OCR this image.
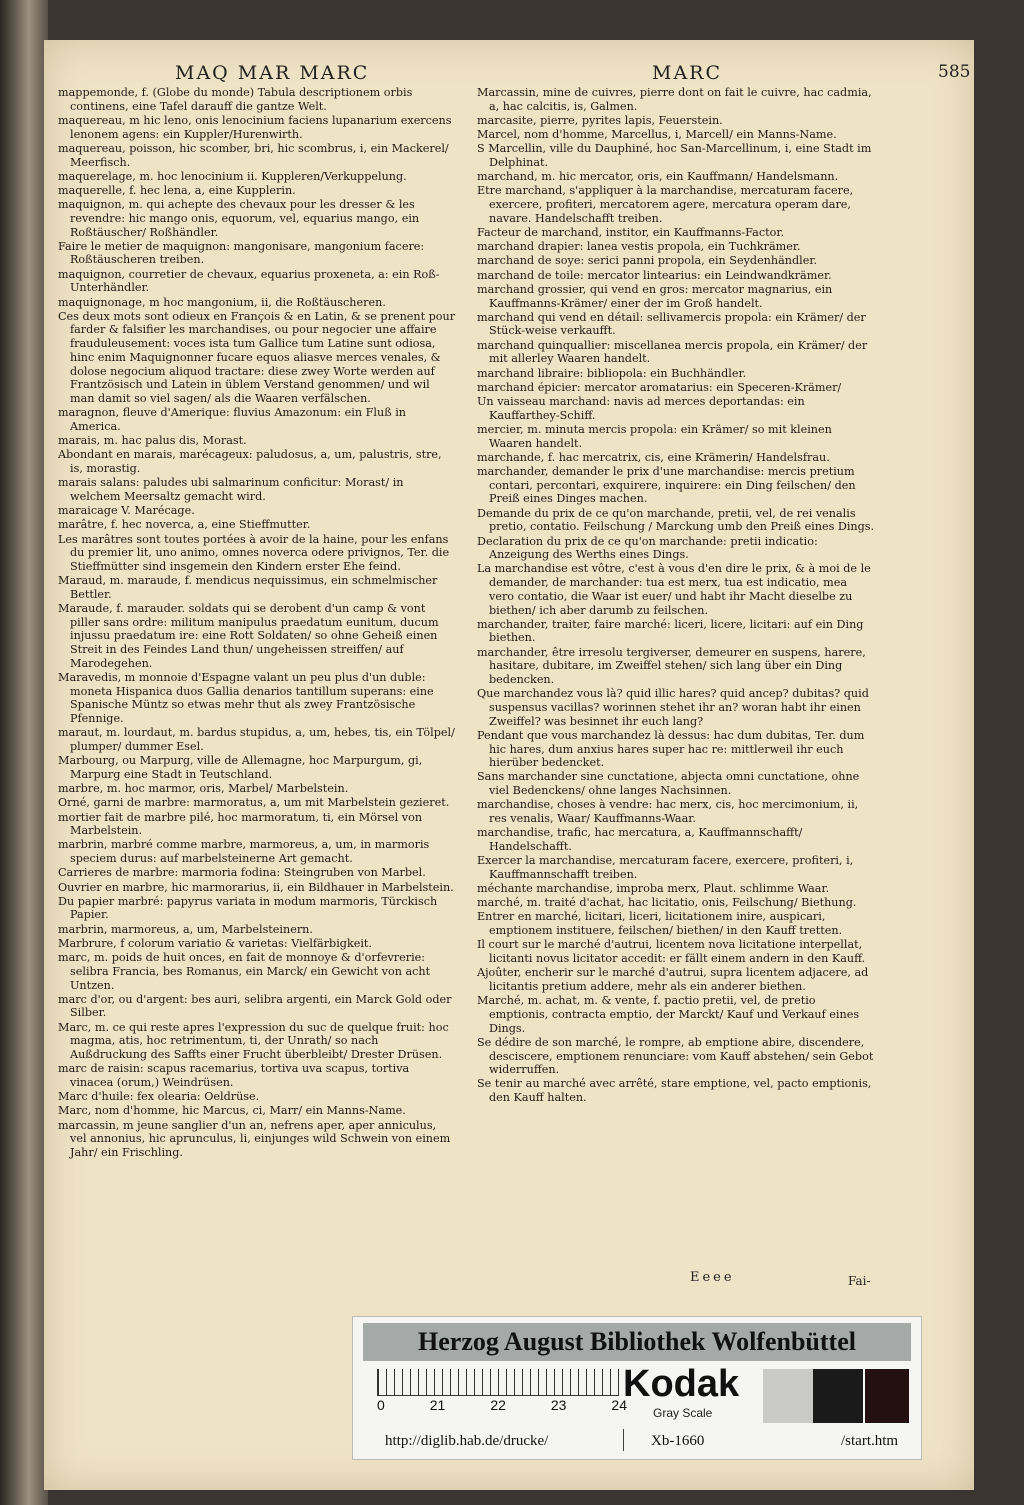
MAQ MAR MARC	MARC	585

mappemonde, f. (Globe du monde) Tabula descriptionem orbis continens, eine Tafel darauff die gantze Welt.

maquereau, m hic leno, onis lenocinium faciens lupanarium exercens lenonem agens: ein Kuppler/Hurenwirth.

maquereau, poisson, hic scomber, bri, hic scombrus, i, ein Mackerel/ Meerfisch.

maquerelage, m. hoc lenocinium ii. Kuppleren/Verkuppelung.

maquerelle, f. hec lena, a, eine Kupplerin.

maquignon, m. qui achepte des chevaux pour les dresser & les revendre: hic mango onis, equorum, vel, equarius mango, ein Roßtäuscher/ Roßhändler.

Faire le metier de maquignon: mangonisare, mangonium facere: Roßtäuscheren treiben.

maquignon, courretier de chevaux, equarius proxeneta, a: ein Roß-Unterhändler.

maquignonage, m hoc mangonium, ii, die Roßtäuscheren.

Ces deux mots sont odieux en François & en Latin, & se prenent pour farder & falsifier les marchandises, ou pour negocier une affaire frauduleusement: voces ista tum Gallice tum Latine sunt odiosa, hinc enim Maquignonner fucare equos aliasve merces venales, & dolose negocium aliquod tractare: diese zwey Worte werden auf Frantzösisch und Latein in üblem Verstand genommen/ und wil man damit so viel sagen/ als die Waaren verfälschen.

maragnon, fleuve d'Amerique: fluvius Amazonum: ein Fluß in America.

marais, m. hac palus dis, Morast.

Abondant en marais, marécageux: paludosus, a, um, palustris, stre, is, morastig.

marais salans: paludes ubi salmarinum conficitur: Morast/ in welchem Meersaltz gemacht wird.

maraicage V. Marécage.

marâtre, f. hec noverca, a, eine Stieffmutter.

Les marâtres sont toutes portées à avoir de la haine, pour les enfans du premier lit, uno animo, omnes noverca odere privignos, Ter. die Stieffmütter sind insgemein den Kindern erster Ehe feind.

Maraud, m. maraude, f. mendicus nequissimus, ein schmelmischer Bettler.

Maraude, f. marauder. soldats qui se derobent d'un camp & vont piller sans ordre: militum manipulus praedatum eunitum, ducum injussu praedatum ire: eine Rott Soldaten/ so ohne Geheiß einen Streit in des Feindes Land thun/ ungeheissen streiffen/ auf Marodegehen.

Maravedis, m monnoie d'Espagne valant un peu plus d'un duble: moneta Hispanica duos Gallia denarios tantillum superans: eine Spanische Müntz so etwas mehr thut als zwey Frantzösische Pfennige.

maraut, m. lourdaut, m. bardus stupidus, a, um, hebes, tis, ein Tölpel/ plumper/ dummer Esel.

Marbourg, ou Marpurg, ville de Allemagne, hoc Marpurgum, gi, Marpurg eine Stadt in Teutschland.

marbre, m. hoc marmor, oris, Marbel/ Marbelstein.

Orné, garni de marbre: marmoratus, a, um mit Marbelstein gezieret.

mortier fait de marbre pilé, hoc marmoratum, ti, ein Mörsel von Marbelstein.

marbrin, marbré comme marbre, marmoreus, a, um, in marmoris speciem durus: auf marbelsteinerne Art gemacht.

Carrieres de marbre: marmoria fodina: Steingruben von Marbel.

Ouvrier en marbre, hic marmorarius, ii, ein Bildhauer in Marbelstein.

Du papier marbré: papyrus variata in modum marmoris, Türckisch Papier.

marbrin, marmoreus, a, um, Marbelsteinern.

Marbrure, f colorum variatio & varietas: Vielfärbigkeit.

marc, m. poids de huit onces, en fait de monnoye & d'orfevrerie: selibra Francia, bes Romanus, ein Marck/ ein Gewicht von acht Untzen.

marc d'or, ou d'argent: bes auri, selibra argenti, ein Marck Gold oder Silber.

Marc, m. ce qui reste apres l'expression du suc de quelque fruit: hoc magma, atis, hoc retrimentum, ti, der Unrath/ so nach Außdruckung des Saffts einer Frucht überbleibt/ Drester Drüsen.

marc de raisin: scapus racemarius, tortiva uva scapus, tortiva vinacea (orum,) Weindrüsen.

Marc d'huile: fex olearia: Oeldrüse.

Marc, nom d'homme, hic Marcus, ci, Marr/ ein Manns-Name.

marcassin, m jeune sanglier d'un an, nefrens aper, aper anniculus, vel annonius, hic aprunculus, li, einjunges wild Schwein von einem Jahr/ ein Frischling.

Marcassin, mine de cuivres, pierre dont on fait le cuivre, hac cadmia, a, hac calcitis, is, Galmen.

marcasite, pierre, pyrites lapis, Feuerstein.

Marcel, nom d'homme, Marcellus, i, Marcell/ ein Manns-Name.

S Marcellin, ville du Dauphiné, hoc San-Marcellinum, i, eine Stadt im Delphinat.

marchand, m. hic mercator, oris, ein Kauffmann/ Handelsmann.

Etre marchand, s'appliquer à la marchandise, mercaturam facere, exercere, profiteri, mercatorem agere, mercatura operam dare, navare. Handelschafft treiben.

Facteur de marchand, institor, ein Kauffmanns-Factor.

marchand drapier: lanea vestis propola, ein Tuchkrämer.

marchand de soye: serici panni propola, ein Seydenhändler.

marchand de toile: mercator lintearius: ein Leindwandkrämer.

marchand grossier, qui vend en gros: mercator magnarius, ein Kauffmanns-Krämer/ einer der im Groß handelt.

marchand qui vend en détail: sellivamercis propola: ein Krämer/ der Stück-weise verkaufft.

marchand quinquallier: miscellanea mercis propola, ein Krämer/ der mit allerley Waaren handelt.

marchand libraire: bibliopola: ein Buchhändler.

marchand épicier: mercator aromatarius: ein Speceren-Krämer/

Un vaisseau marchand: navis ad merces deportandas: ein Kauffarthey-Schiff.

mercier, m. minuta mercis propola: ein Krämer/ so mit kleinen Waaren handelt.

marchande, f. hac mercatrix, cis, eine Krämerin/ Handelsfrau.

marchander, demander le prix d'une marchandise: mercis pretium contari, percontari, exquirere, inquirere: ein Ding feilschen/ den Preiß eines Dinges machen.

Demande du prix de ce qu'on marchande, pretii, vel, de rei venalis pretio, contatio. Feilschung / Marckung umb den Preiß eines Dings.

Declaration du prix de ce qu'on marchande: pretii indicatio: Anzeigung des Werths eines Dings.

La marchandise est vôtre, c'est à vous d'en dire le prix, & à moi de le demander, de marchander: tua est merx, tua est indicatio, mea vero contatio, die Waar ist euer/ und habt ihr Macht dieselbe zu biethen/ ich aber darumb zu feilschen.

marchander, traiter, faire marché: liceri, licere, licitari: auf ein Ding biethen.

marchander, être irresolu tergiverser, demeurer en suspens, harere, hasitare, dubitare, im Zweiffel stehen/ sich lang über ein Ding bedencken.

Que marchandez vous là? quid illic hares? quid ancep? dubitas? quid suspensus vacillas? worinnen stehet ihr an? woran habt ihr einen Zweiffel? was besinnet ihr euch lang?

Pendant que vous marchandez là dessus: hac dum dubitas, Ter. dum hic hares, dum anxius hares super hac re: mittlerweil ihr euch hierüber bedencket.

Sans marchander sine cunctatione, abjecta omni cunctatione, ohne viel Bedenckens/ ohne langes Nachsinnen.

marchandise, choses à vendre: hac merx, cis, hoc mercimonium, ii, res venalis, Waar/ Kauffmanns-Waar.

marchandise, trafic, hac mercatura, a, Kauffmannschafft/ Handelschafft.

Exercer la marchandise, mercaturam facere, exercere, profiteri, i, Kauffmannschafft treiben.

méchante marchandise, improba merx, Plaut. schlimme Waar.

marché, m. traité d'achat, hac licitatio, onis, Feilschung/ Biethung.

Entrer en marché, licitari, liceri, licitationem inire, auspicari, emptionem instituere, feilschen/ biethen/ in den Kauff tretten.

Il court sur le marché d'autrui, licentem nova licitatione interpellat, licitanti novus licitator accedit: er fällt einem andern in den Kauff.

Ajoûter, encherir sur le marché d'autrui, supra licentem adjacere, ad licitantis pretium addere, mehr als ein anderer biethen.

Marché, m. achat, m. & vente, f. pactio pretii, vel, de pretio emptionis, contracta emptio, der Marckt/ Kauf und Verkauf eines Dings.

Se dédire de son marché, le rompre, ab emptione abire, discendere, desciscere, emptionem renunciare: vom Kauff abstehen/ sein Gebot widerruffen.

Se tenir au marché avec arrêté, stare emptione, vel, pacto emptionis, den Kauff halten.

Eeee	Fai-
Herzog August Bibliothek Wolfenbüttel
0	21	22	23	24
Kodak
Gray Scale
http://diglib.hab.de/drucke/	Xb-1660	/start.htm
